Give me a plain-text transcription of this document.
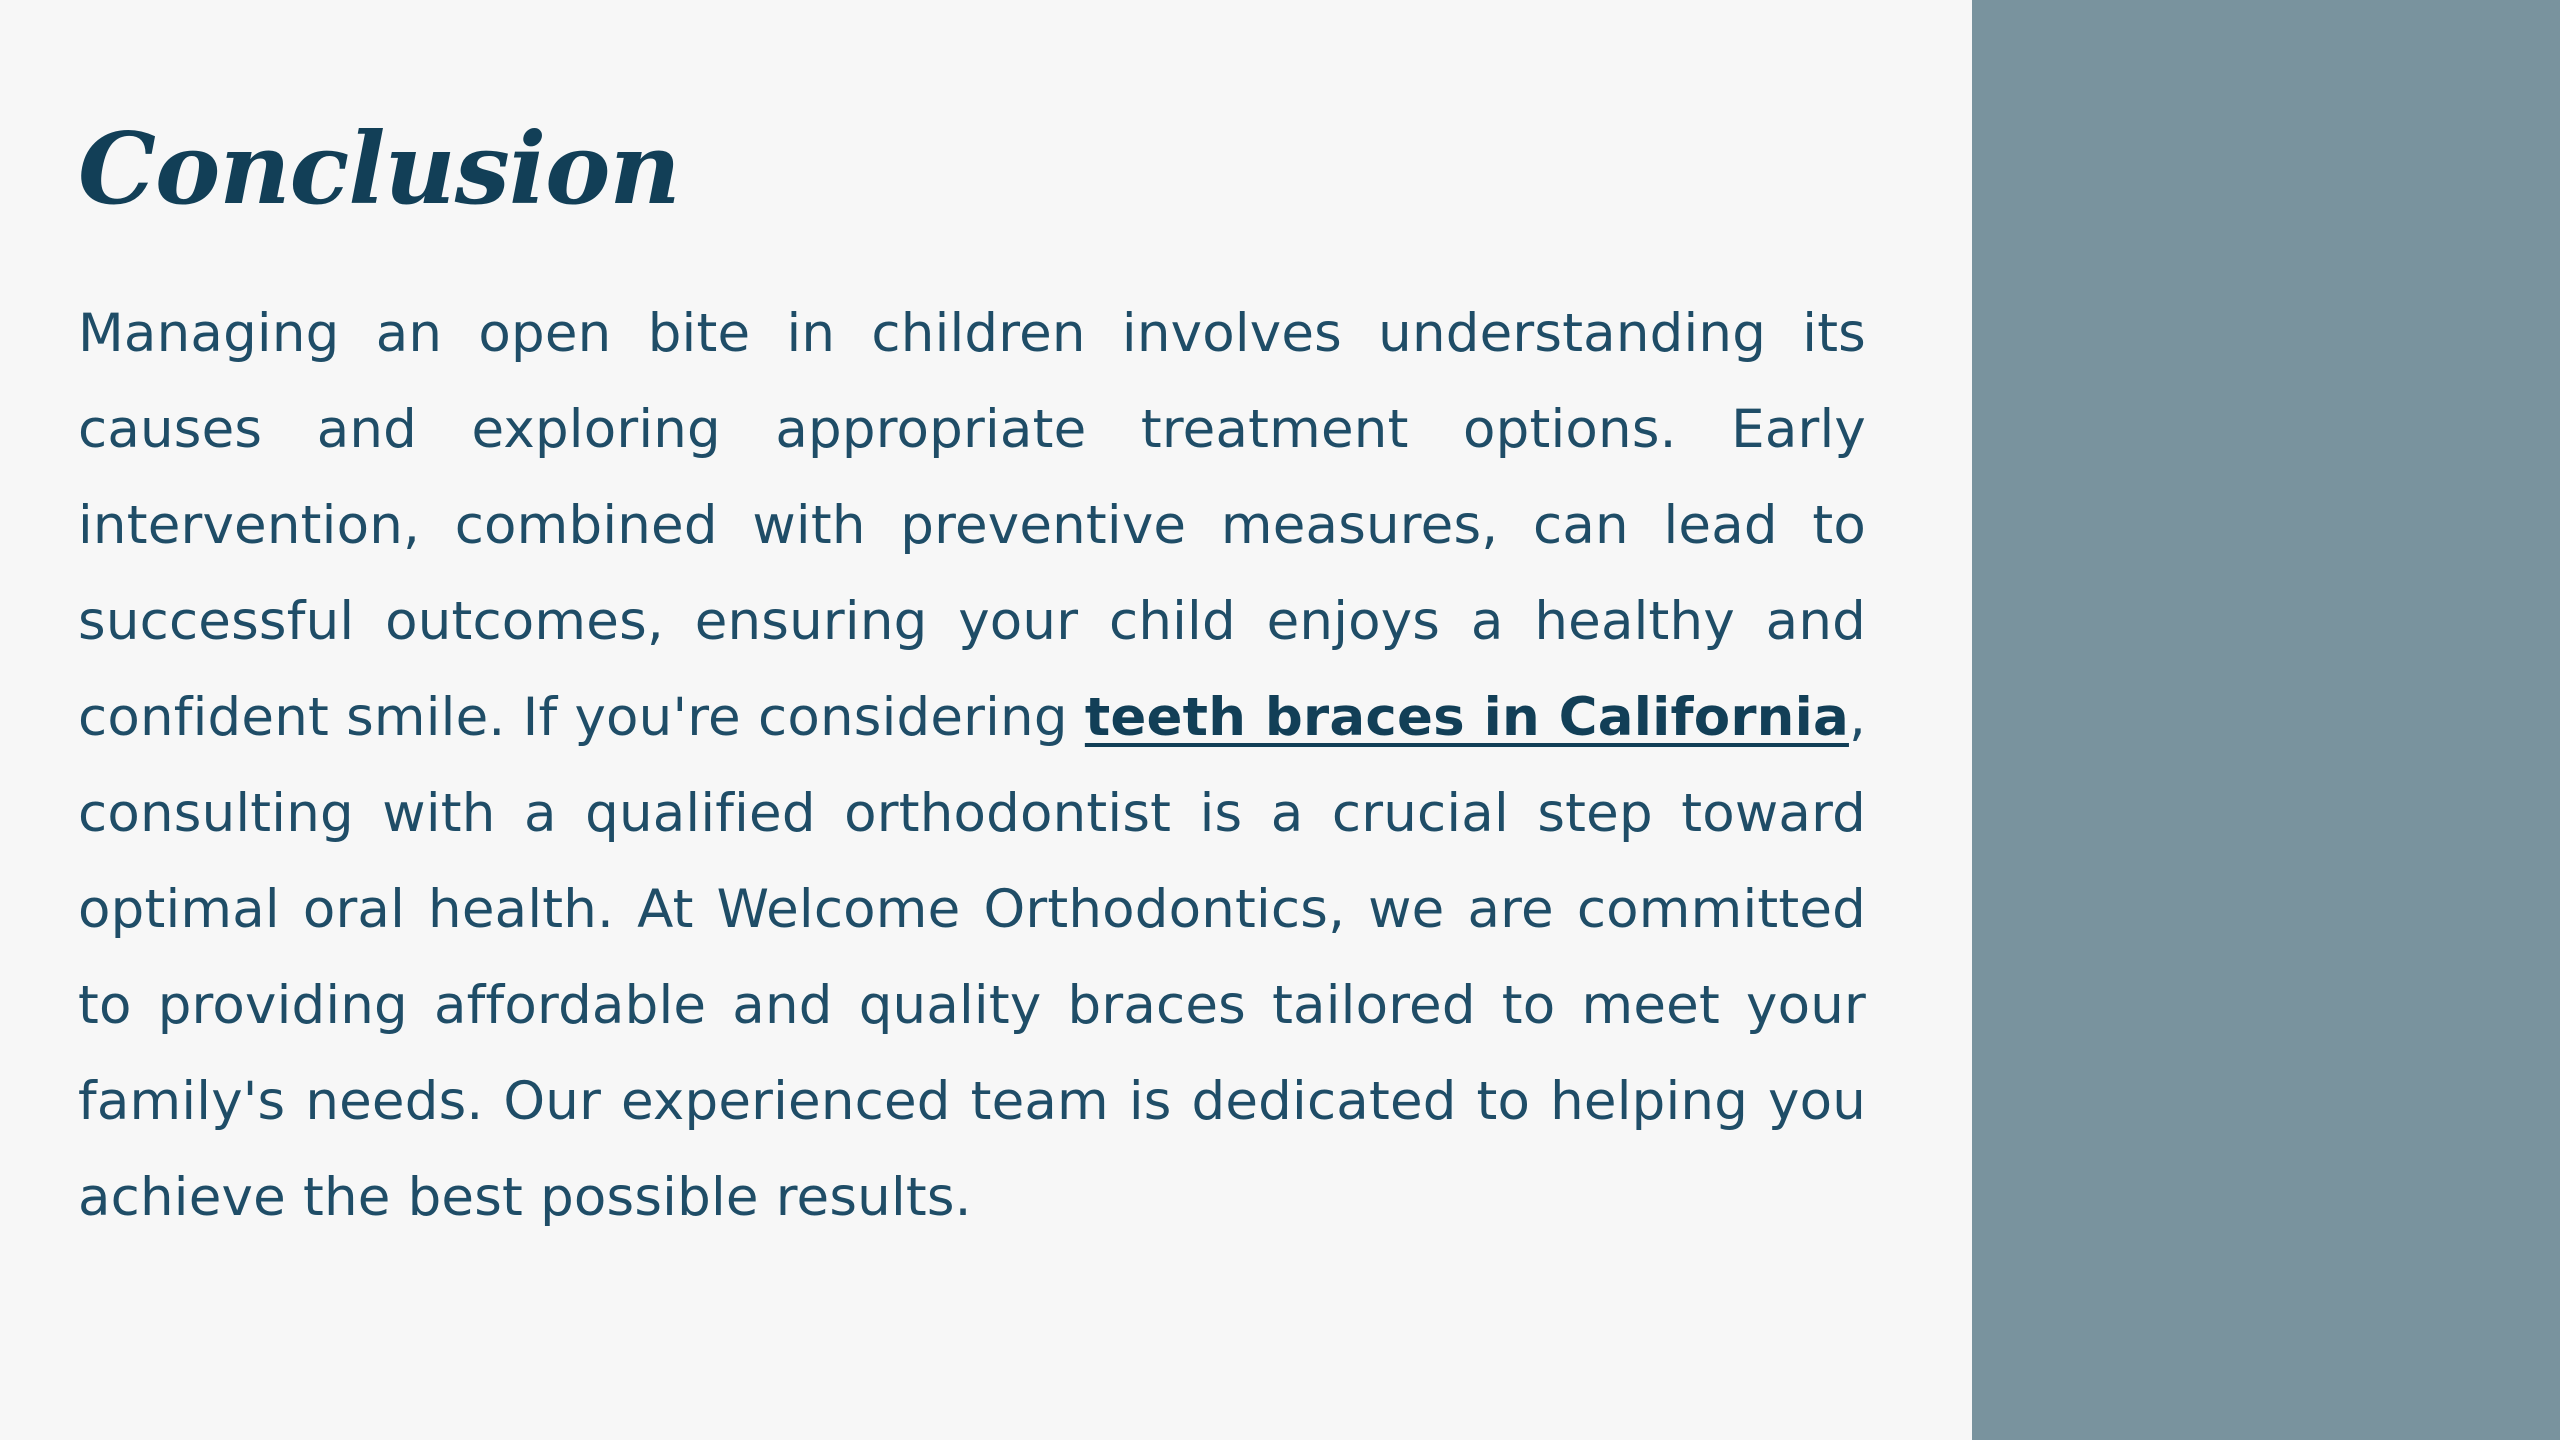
Conclusion

Managing an open bite in children involves understanding its causes and exploring appropriate treatment options. Early intervention, combined with preventive measures, can lead to successful outcomes, ensuring your child enjoys a healthy and confident smile. If you're considering teeth braces in California, consulting with a qualified orthodontist is a crucial step toward optimal oral health. At Welcome Orthodontics, we are committed to providing affordable and quality braces tailored to meet your family's needs. Our experienced team is dedicated to helping you achieve the best possible results.
